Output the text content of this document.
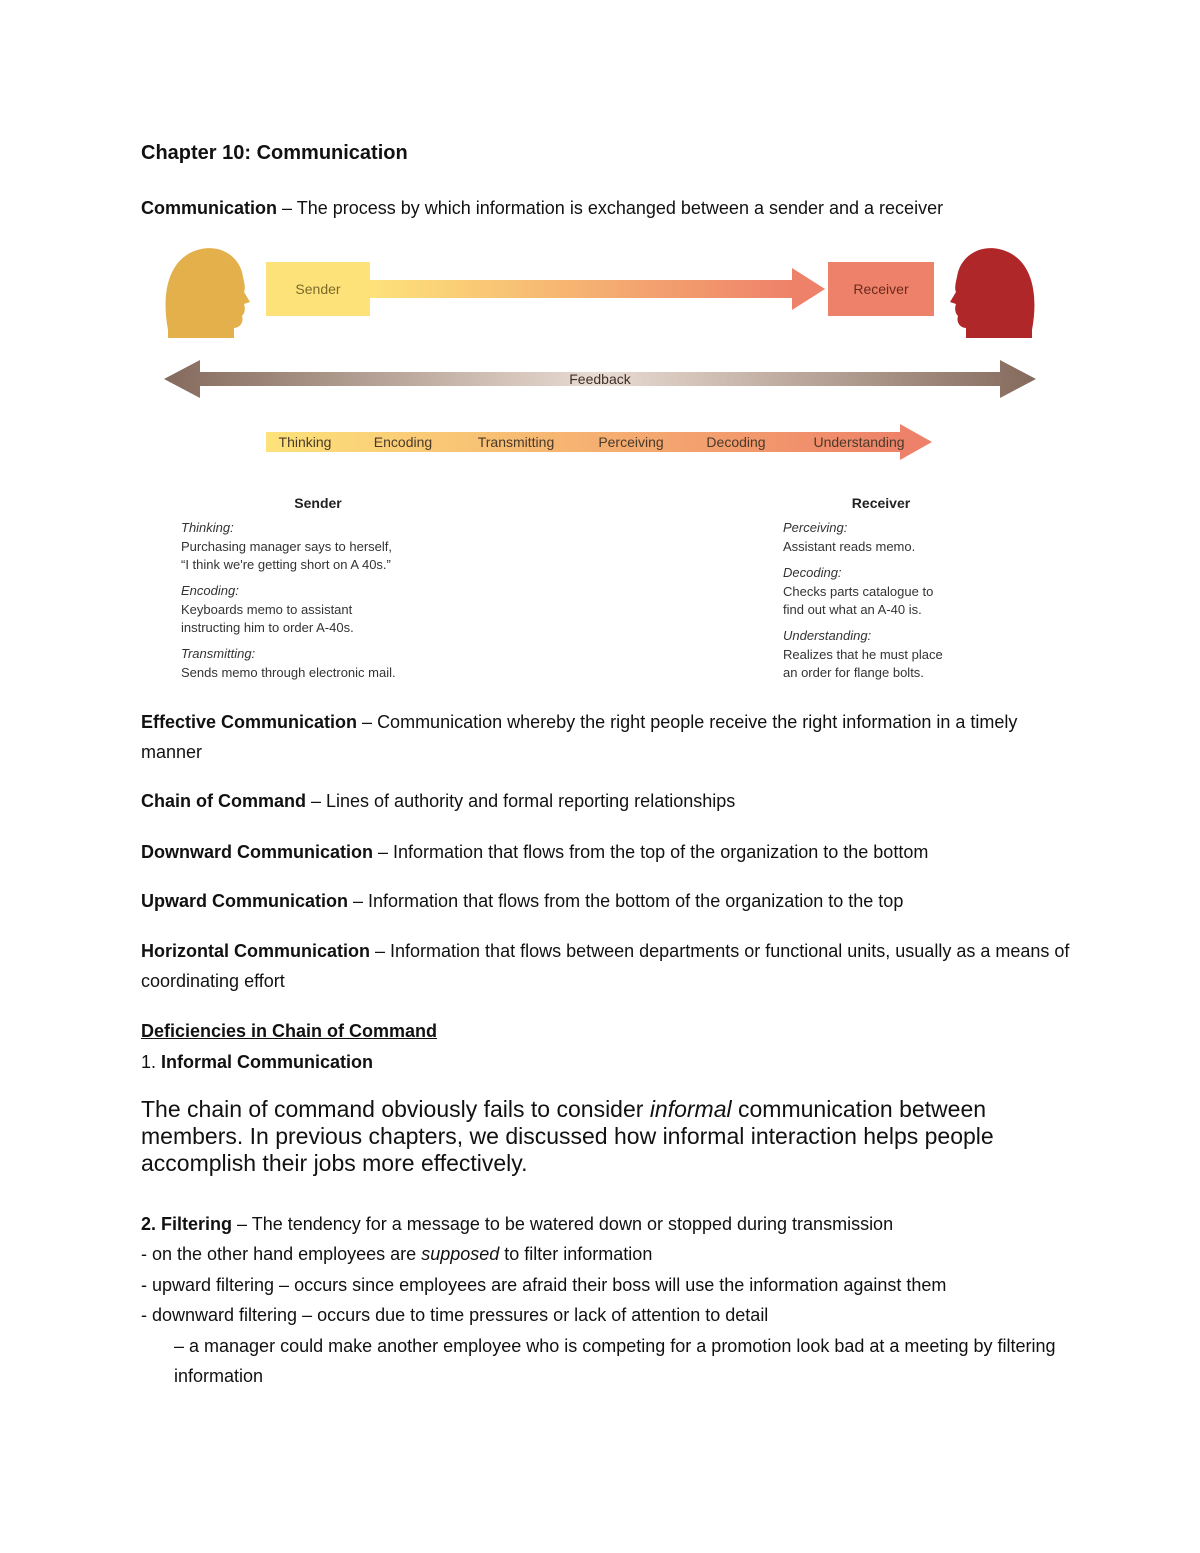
Chapter 10: Communication
Communication – The process by which information is exchanged between a sender and a receiver
Sender	Receiver
Feedback
Thinking	Encoding	Transmitting	Perceiving	Decoding	Understanding
Sender	Receiver
Thinking: Purchasing manager says to herself, “I think we're getting short on A 40s.” Encoding: Keyboards memo to assistant instructing him to order A-40s. Transmitting: Sends memo through electronic mail.
Perceiving: Assistant reads memo. Decoding: Checks parts catalogue to find out what an A-40 is. Understanding: Realizes that he must place an order for flange bolts.
Effective Communication – Communication whereby the right people receive the right information in a timely manner
Chain of Command – Lines of authority and formal reporting relationships
Downward Communication – Information that flows from the top of the organization to the bottom
Upward Communication – Information that flows from the bottom of the organization to the top
Horizontal Communication – Information that flows between departments or functional units, usually as a means of coordinating effort
Deficiencies in Chain of Command
1. Informal Communication
The chain of command obviously fails to consider informal communication between members. In previous chapters, we discussed how informal interaction helps people accomplish their jobs more effectively.
2. Filtering – The tendency for a message to be watered down or stopped during transmission
- on the other hand employees are supposed to filter information
- upward filtering – occurs since employees are afraid their boss will use the information against them
- downward filtering – occurs due to time pressures or lack of attention to detail
– a manager could make another employee who is competing for a promotion look bad at a meeting by filtering information
